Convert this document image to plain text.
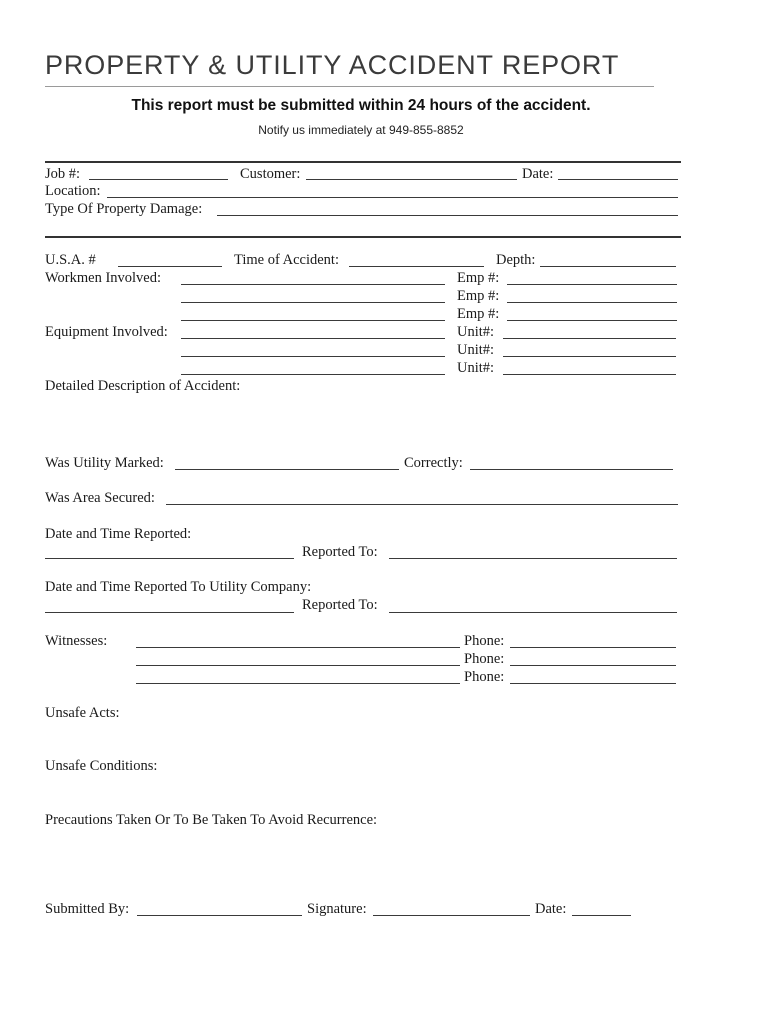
PROPERTY & UTILITY ACCIDENT REPORT
This report must be submitted within 24 hours of the accident.
Notify us immediately at 949-855-8852
Job #:	Customer:	Date:
Location:
Type Of Property Damage:
U.S.A. #	Time of Accident:	Depth:
Workmen Involved:	Emp #:
Emp #:
Emp #:
Equipment Involved:	Unit#:
Unit#:
Unit#:
Detailed Description of Accident:
Was Utility Marked:	Correctly:
Was Area Secured:
Date and Time Reported:
Reported To:
Date and Time Reported To Utility Company:
Reported To:
Witnesses:	Phone:
Phone:
Phone:
Unsafe Acts:
Unsafe Conditions:
Precautions Taken Or To Be Taken To Avoid Recurrence:
Submitted By:	Signature:	Date:
